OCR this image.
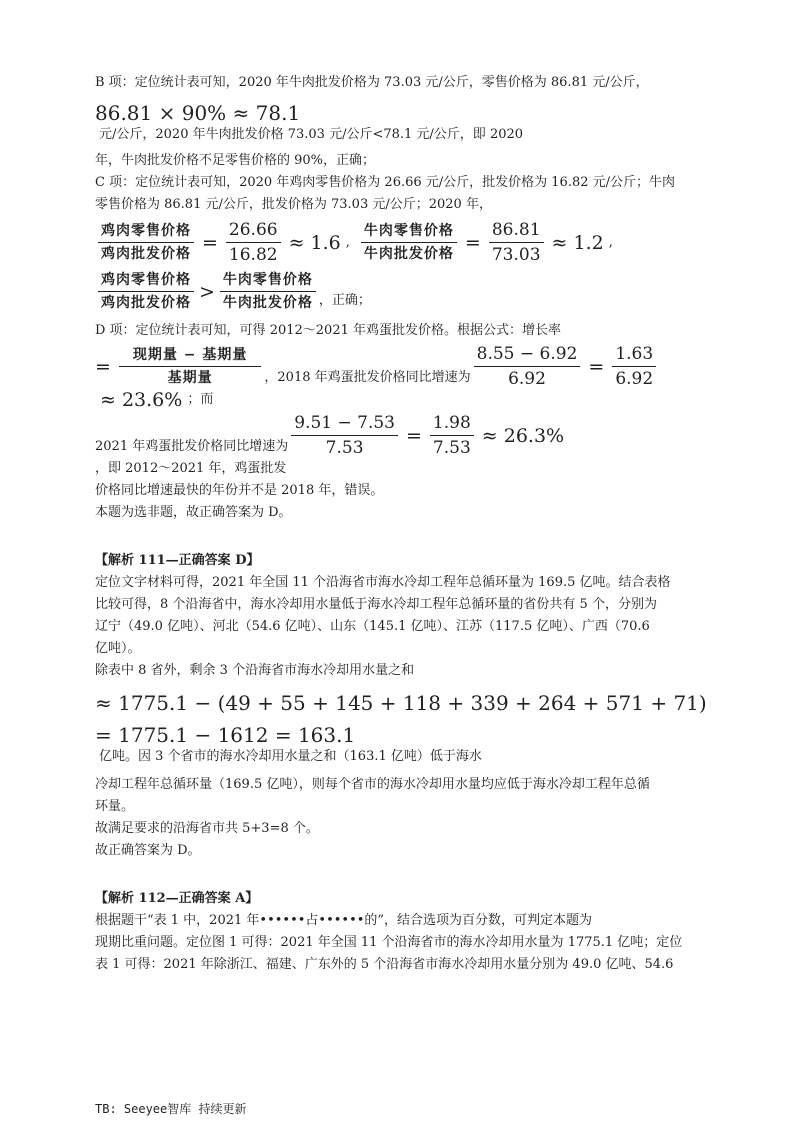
B 项：定位统计表可知，2020 年牛肉批发价格为 73.03 元/公斤，零售价格为 86.81 元/公斤，

86.81 × 90% ≈ 78.1
元/公斤，2020 年牛肉批发价格 73.03 元/公斤<78.1 元/公斤，即 2020

年，牛肉批发价格不足零售价格的 90%，正确；

C 项：定位统计表可知，2020 年鸡肉零售价格为 26.66 元/公斤，批发价格为 16.82 元/公斤；牛肉

零售价格为 86.81 元/公斤，批发价格为 73.03 元/公斤；2020 年，

$\frac{\text{鸡肉零售价格}}{\text{鸡肉批发价格}} = \frac{26.66}{16.82} \approx 1.6$ , $\frac{\text{牛肉零售价格}}{\text{牛肉批发价格}} = \frac{86.81}{73.03} \approx 1.2$ ,
$\frac{\text{鸡肉零售价格}}{\text{鸡肉批发价格}} > \frac{\text{牛肉零售价格}}{\text{牛肉批发价格}}$ ，正确；

D 项：定位统计表可知，可得 2012～2021 年鸡蛋批发价格。根据公式：增长率

= $\frac{\text{现期量 − 基期量}}{\text{基期量}}$ ，2018 年鸡蛋批发价格同比增速为 $\frac{8.55 - 6.92}{6.92} = \frac{1.63}{6.92}$
≈ 23.6% ；而
2021 年鸡蛋批发价格同比增速为 $\frac{9.51 - 7.53}{7.53} = \frac{1.98}{7.53} \approx 26.3\%$
，即 2012～2021 年，鸡蛋批发

价格同比增速最快的年份并不是 2018 年，错误。

本题为选非题，故正确答案为 D。

【解析 111—正确答案 D】

定位文字材料可得，2021 年全国 11 个沿海省市海水冷却工程年总循环量为 169.5 亿吨。结合表格

比较可得，8 个沿海省中，海水冷却用水量低于海水冷却工程年总循环量的省份共有 5 个，分别为

辽宁（49.0 亿吨）、河北（54.6 亿吨）、山东（145.1 亿吨）、江苏（117.5 亿吨）、广西（70.6

亿吨）。

除表中 8 省外，剩余 3 个沿海省市海水冷却用水量之和

≈ 1775.1 − (49 + 55 + 145 + 118 + 339 + 264 + 571 + 71)

= 1775.1 − 1612 = 163.1
亿吨。因 3 个省市的海水冷却用水量之和（163.1 亿吨）低于海水

冷却工程年总循环量（169.5 亿吨），则每个省市的海水冷却用水量均应低于海水冷却工程年总循

环量。

故满足要求的沿海省市共 5+3=8 个。

故正确答案为 D。

【解析 112—正确答案 A】

根据题干“表 1 中，2021 年••••••占••••••的”，结合选项为百分数，可判定本题为

现期比重问题。定位图 1 可得：2021 年全国 11 个沿海省市的海水冷却用水量为 1775.1 亿吨；定位

表 1 可得：2021 年除浙江、福建、广东外的 5 个沿海省市海水冷却用水量分别为 49.0 亿吨、54.6

TB: Seeyee智库 持续更新
